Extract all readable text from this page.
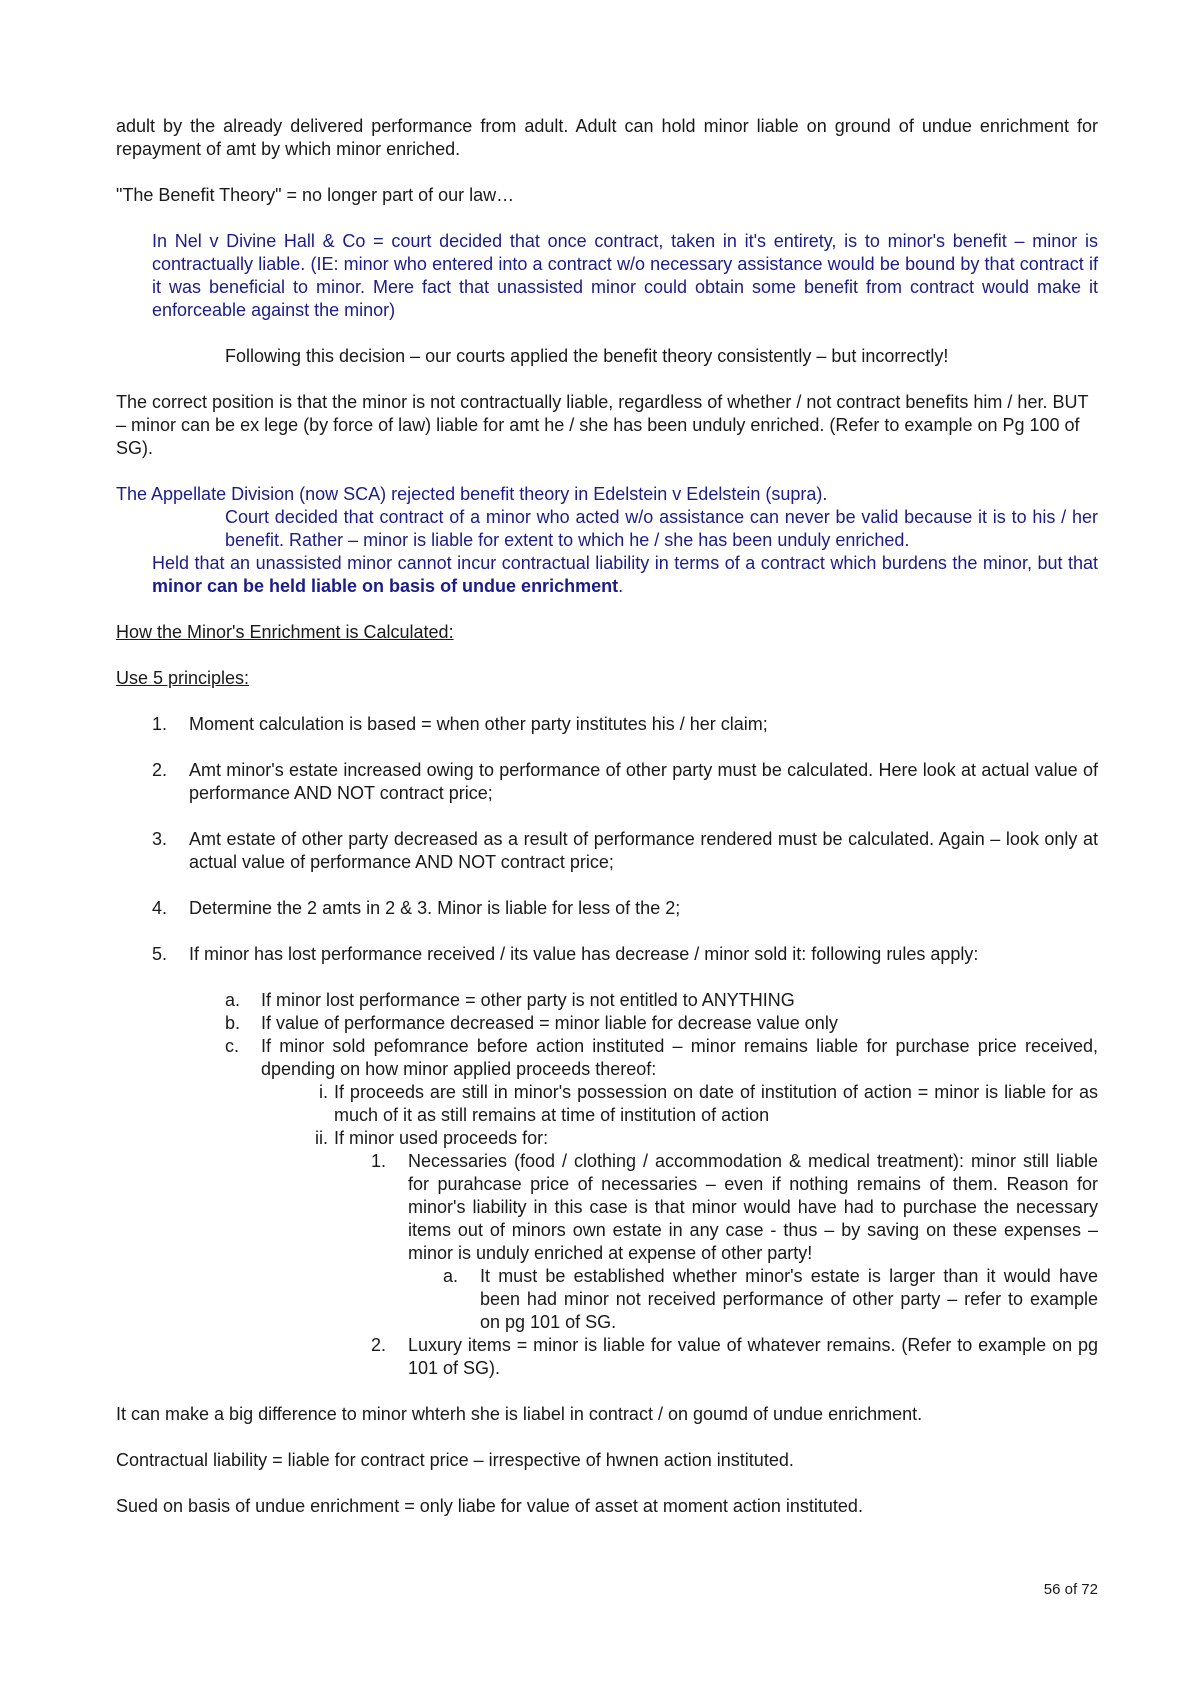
adult by the already delivered performance from adult. Adult can hold minor liable on ground of undue enrichment for repayment of amt by which minor enriched.

"The Benefit Theory" = no longer part of our law…

In Nel v Divine Hall & Co = court decided that once contract, taken in it's entirety, is to minor's benefit – minor is contractually liable. (IE: minor who entered into a contract w/o necessary assistance would be bound by that contract if it was beneficial to minor. Mere fact that unassisted minor could obtain some benefit from contract would make it enforceable against the minor)

Following this decision – our courts applied the benefit theory consistently – but incorrectly!

The correct position is that the minor is not contractually liable, regardless of whether / not contract benefits him / her. BUT – minor can be ex lege (by force of law) liable for amt he / she has been unduly enriched. (Refer to example on Pg 100 of SG).

The Appellate Division (now SCA) rejected benefit theory in Edelstein v Edelstein (supra).

Court decided that contract of a minor who acted w/o assistance can never be valid because it is to his / her benefit. Rather – minor is liable for extent to which he / she has been unduly enriched.

Held that an unassisted minor cannot incur contractual liability in terms of a contract which burdens the minor, but that minor can be held liable on basis of undue enrichment.

How the Minor's Enrichment is Calculated:

Use 5 principles:

1. Moment calculation is based = when other party institutes his / her claim;
2. Amt minor's estate increased owing to performance of other party must be calculated. Here look at actual value of performance AND NOT contract price;
3. Amt estate of other party decreased as a result of performance rendered must be calculated. Again – look only at actual value of performance AND NOT contract price;
4. Determine the 2 amts in 2 & 3. Minor is liable for less of the 2;
5. If minor has lost performance received / its value has decrease / minor sold it: following rules apply:
a. If minor lost performance = other party is not entitled to ANYTHING
b. If value of performance decreased = minor liable for decrease value only
c. If minor sold pefomrance before action instituted – minor remains liable for purchase price received, dpending on how minor applied proceeds thereof:
i. If proceeds are still in minor's possession on date of institution of action = minor is liable for as much of it as still remains at time of institution of action
ii. If minor used proceeds for:
1. Necessaries (food / clothing / accommodation & medical treatment): minor still liable for purahcase price of necessaries – even if nothing remains of them. Reason for minor's liability in this case is that minor would have had to purchase the necessary items out of minors own estate in any case - thus – by saving on these expenses – minor is unduly enriched at expense of other party!
a. It must be established whether minor's estate is larger than it would have been had minor not received performance of other party – refer to example on pg 101 of SG.
2. Luxury items = minor is liable for value of whatever remains. (Refer to example on pg 101 of SG).

It can make a big difference to minor whterh she is liabel in contract / on goumd of undue enrichment.

Contractual liability = liable for contract price – irrespective of hwnen action instituted.

Sued on basis of undue enrichment = only liabe for value of asset at moment action instituted.

56 of 72
